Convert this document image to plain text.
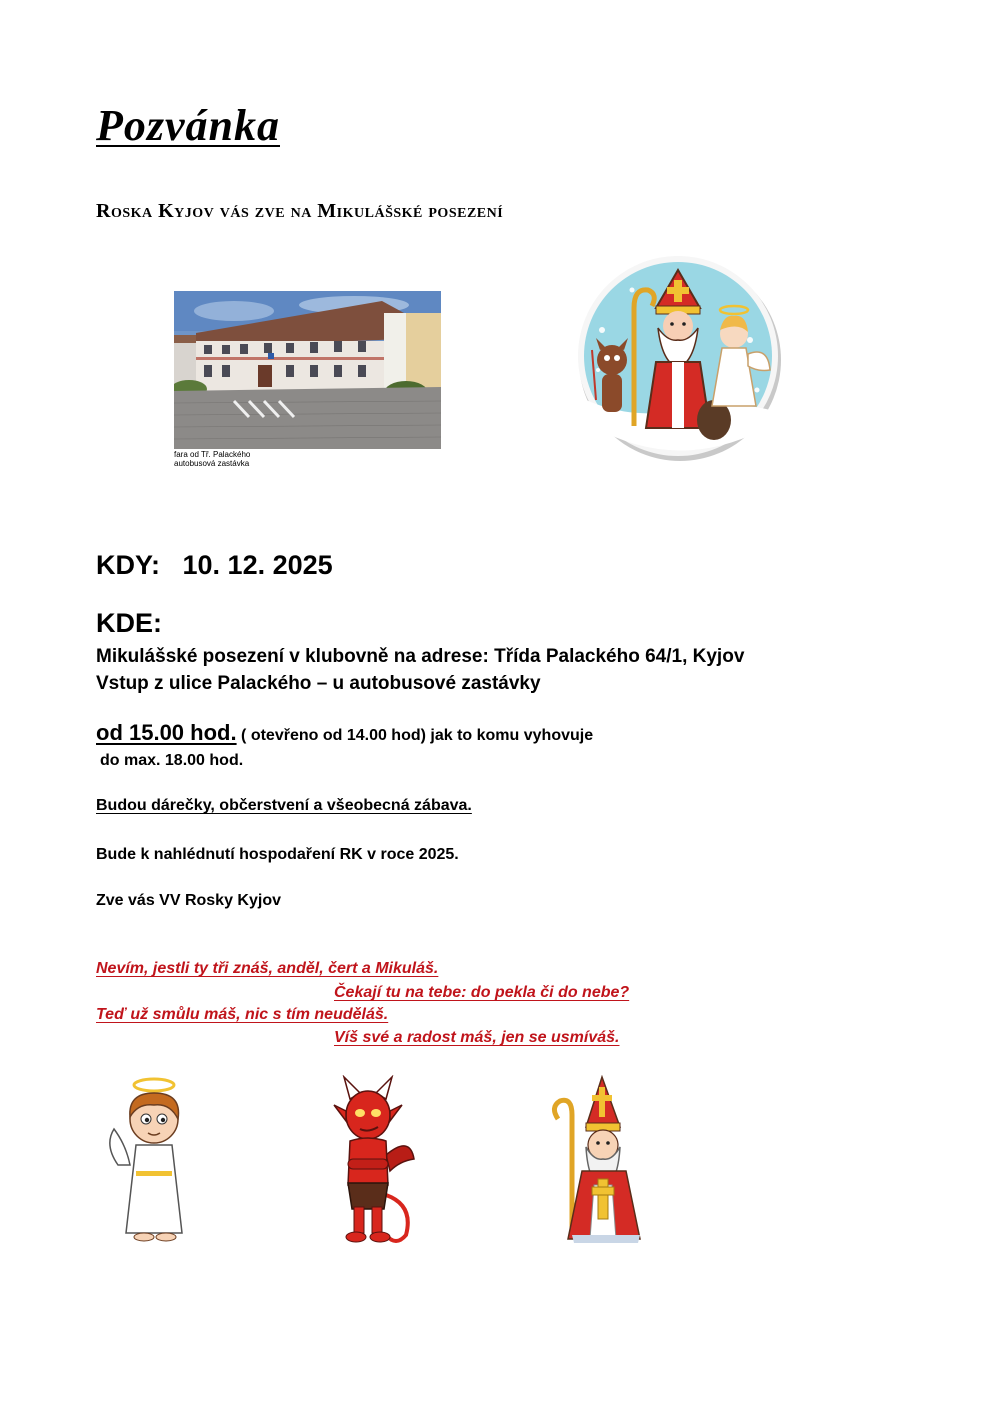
Pozvánka
Roska Kyjov vás zve na Mikulášské posezení
fara od Tř. Palackého
autobusová zastávka
KDY: 10. 12. 2025
KDE:
Mikulášské posezení v klubovně na adrese: Třída Palackého 64/1, Kyjov
Vstup z ulice Palackého – u autobusové zastávky
od 15.00 hod. ( otevřeno od 14.00 hod) jak to komu vyhovuje
do max. 18.00 hod.
Budou dárečky, občerstvení a všeobecná zábava.
Bude k nahlédnutí hospodaření RK v roce 2025.
Zve vás VV Rosky Kyjov
Nevím, jestli ty tři znáš, anděl, čert a Mikuláš.
Čekají tu na tebe: do pekla či do nebe?
Teď už smůlu máš, nic s tím neuděláš.
Víš své a radost máš, jen se usmíváš.
